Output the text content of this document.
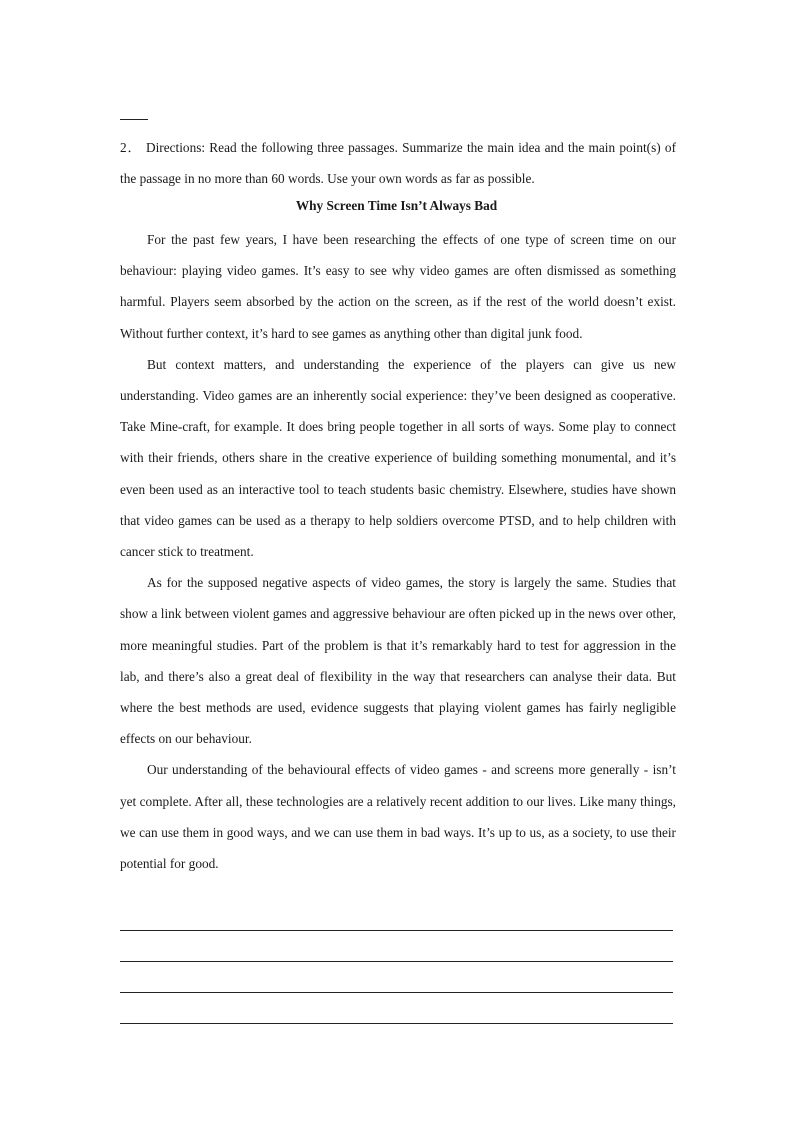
2． Directions: Read the following three passages. Summarize the main idea and the main point(s) of the passage in no more than 60 words. Use your own words as far as possible.
Why Screen Time Isn’t Always Bad

For the past few years, I have been researching the effects of one type of screen time on our behaviour: playing video games. It’s easy to see why video games are often dismissed as something harmful. Players seem absorbed by the action on the screen, as if the rest of the world doesn’t exist. Without further context, it’s hard to see games as anything other than digital junk food.

But context matters, and understanding the experience of the players can give us new understanding. Video games are an inherently social experience: they’ve been designed as cooperative. Take Mine-craft, for example. It does bring people together in all sorts of ways. Some play to connect with their friends, others share in the creative experience of building something monumental, and it’s even been used as an interactive tool to teach students basic chemistry. Elsewhere, studies have shown that video games can be used as a therapy to help soldiers overcome PTSD, and to help children with cancer stick to treatment.

As for the supposed negative aspects of video games, the story is largely the same. Studies that show a link between violent games and aggressive behaviour are often picked up in the news over other, more meaningful studies. Part of the problem is that it’s remarkably hard to test for aggression in the lab, and there’s also a great deal of flexibility in the way that researchers can analyse their data. But where the best methods are used, evidence suggests that playing violent games has fairly negligible effects on our behaviour.

Our understanding of the behavioural effects of video games - and screens more generally - isn’t yet complete. After all, these technologies are a relatively recent addition to our lives. Like many things, we can use them in good ways, and we can use them in bad ways. It’s up to us, as a society, to use their potential for good.
